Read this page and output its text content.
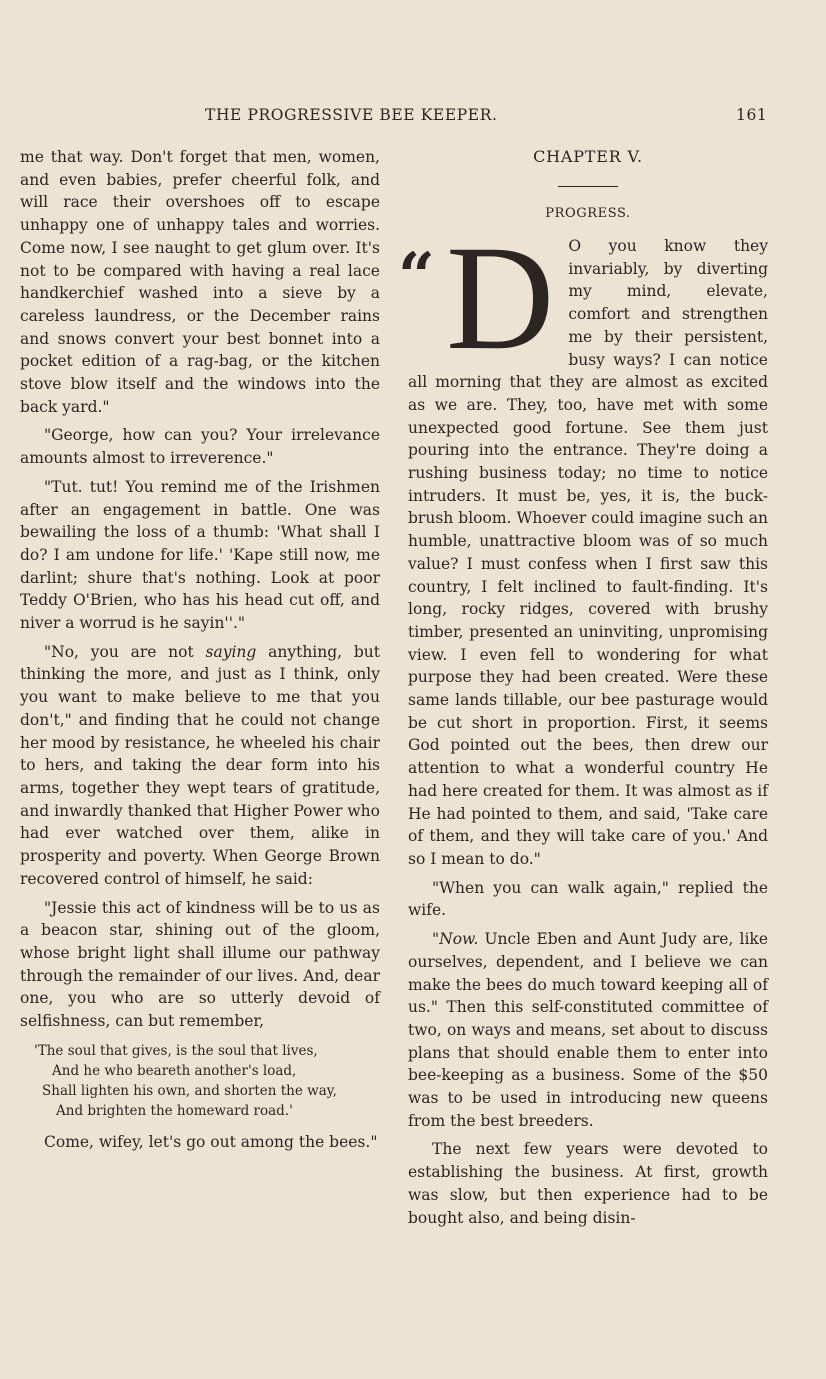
THE PROGRESSIVE BEE KEEPER.	161

me that way. Don't forget that men, women, and even babies, prefer cheerful folk, and will race their overshoes off to escape unhappy one of unhappy tales and worries. Come now, I see naught to get glum over. It's not to be compared with having a real lace handkerchief washed into a sieve by a careless laundress, or the December rains and snows convert your best bonnet into a pocket edition of a rag-bag, or the kitchen stove blow itself and the windows into the back yard."

"George, how can you? Your irrelevance amounts almost to irreverence."

"Tut. tut! You remind me of the Irishmen after an engagement in battle. One was bewailing the loss of a thumb: 'What shall I do? I am undone for life.' 'Kape still now, me darlint; shure that's nothing. Look at poor Teddy O'Brien, who has his head cut off, and niver a worrud is he sayin''."

"No, you are not saying anything, but thinking the more, and just as I think, only you want to make believe to me that you don't," and finding that he could not change her mood by resistance, he wheeled his chair to hers, and taking the dear form into his arms, together they wept tears of gratitude, and inwardly thanked that Higher Power who had ever watched over them, alike in prosperity and poverty. When George Brown recovered control of himself, he said:

"Jessie this act of kindness will be to us as a beacon star, shining out of the gloom, whose bright light shall illume our pathway through the remainder of our lives. And, dear one, you who are so utterly devoid of selfishness, can but remember,

'The soul that gives, is the soul that lives,
And he who beareth another's load,
Shall lighten his own, and shorten the way,
And brighten the homeward road.'

Come, wifey, let's go out among the bees."

CHAPTER V.
PROGRESS.
“ D O you know they invariably, by diverting my mind, elevate, comfort and strengthen me by their persistent, busy ways? I can notice all morning that they are almost as excited as we are. They, too, have met with some unexpected good fortune. See them just pouring into the entrance. They're doing a rushing business today; no time to notice intruders. It must be, yes, it is, the buck-brush bloom. Whoever could imagine such an humble, unattractive bloom was of so much value? I must confess when I first saw this country, I felt inclined to fault-finding. It's long, rocky ridges, covered with brushy timber, presented an uninviting, unpromising view. I even fell to wondering for what purpose they had been created. Were these same lands tillable, our bee pasturage would be cut short in proportion. First, it seems God pointed out the bees, then drew our attention to what a wonderful country He had here created for them. It was almost as if He had pointed to them, and said, 'Take care of them, and they will take care of you.' And so I mean to do."

"When you can walk again," replied the wife.

"Now. Uncle Eben and Aunt Judy are, like ourselves, dependent, and I believe we can make the bees do much toward keeping all of us." Then this self-constituted committee of two, on ways and means, set about to discuss plans that should enable them to enter into bee-keeping as a business. Some of the $50 was to be used in introducing new queens from the best breeders.

The next few years were devoted to establishing the business. At first, growth was slow, but then experience had to be bought also, and being disin-
